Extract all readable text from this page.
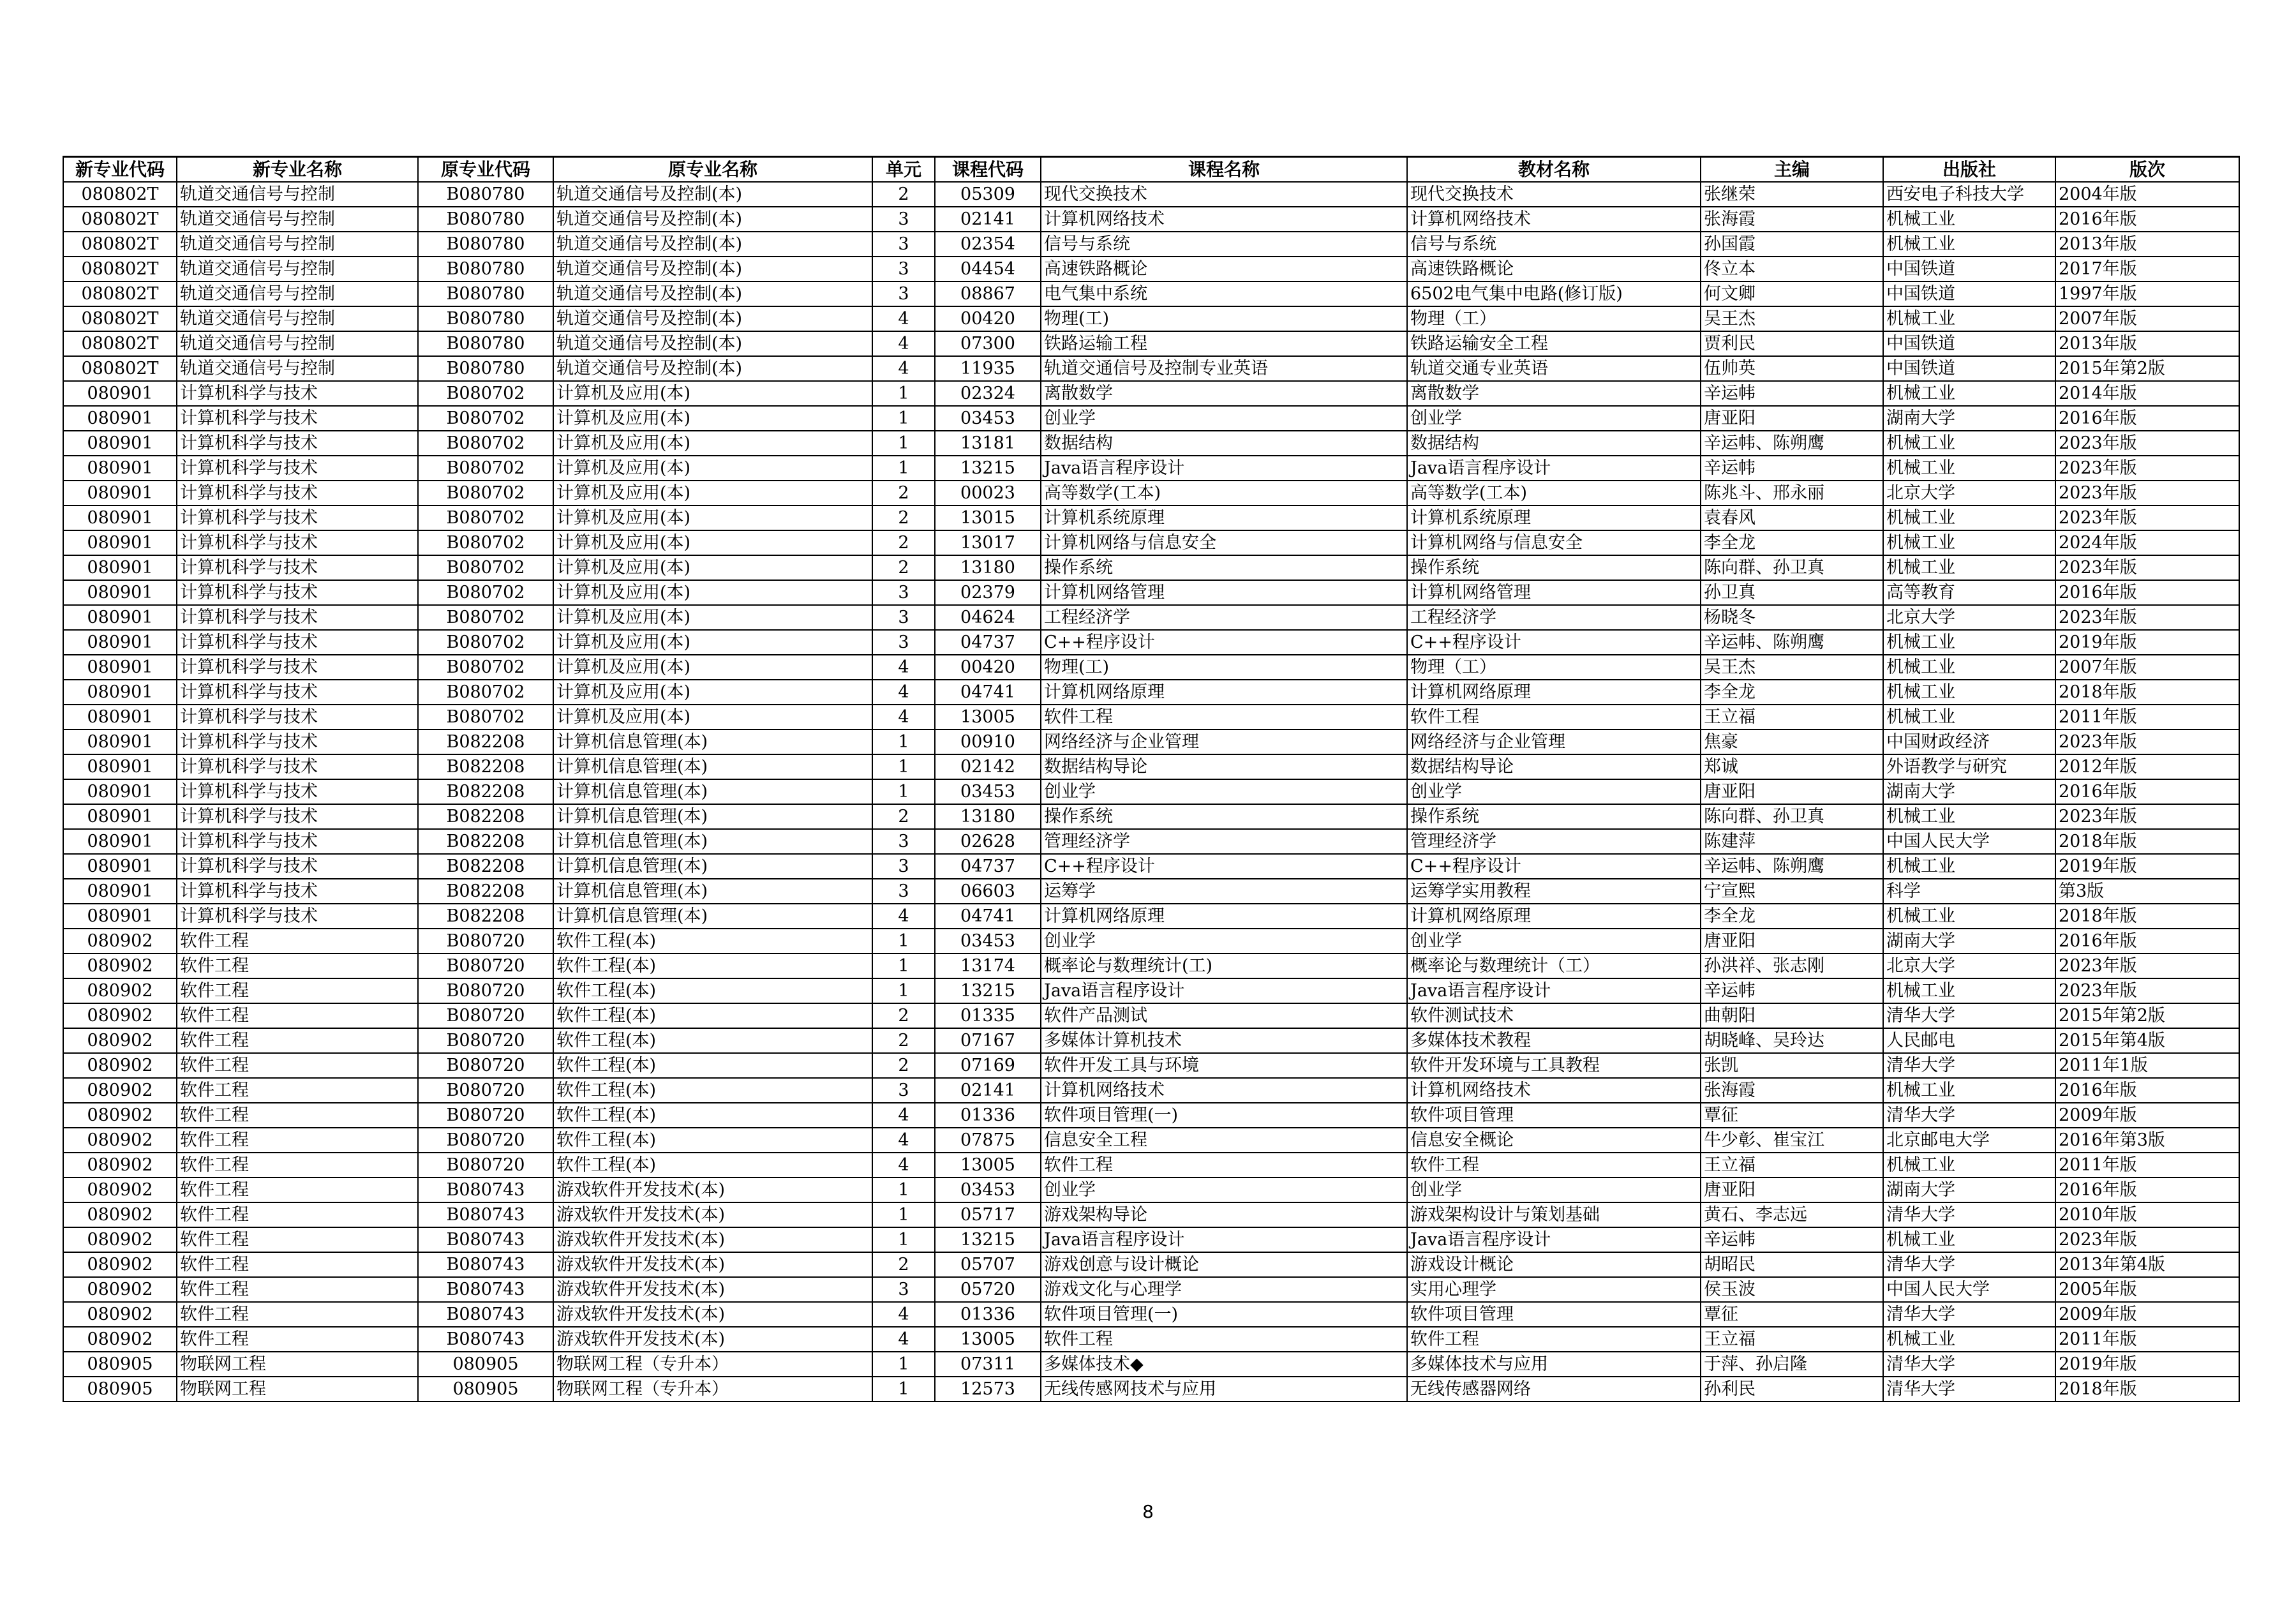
新专业代码	新专业名称	原专业代码	原专业名称	单元	课程代码	课程名称	教材名称	主编	出版社	版次
080802T	轨道交通信号与控制	B080780	轨道交通信号及控制(本)	2	05309	现代交换技术	现代交换技术	张继荣	西安电子科技大学	2004年版
080802T	轨道交通信号与控制	B080780	轨道交通信号及控制(本)	3	02141	计算机网络技术	计算机网络技术	张海霞	机械工业	2016年版
080802T	轨道交通信号与控制	B080780	轨道交通信号及控制(本)	3	02354	信号与系统	信号与系统	孙国霞	机械工业	2013年版
080802T	轨道交通信号与控制	B080780	轨道交通信号及控制(本)	3	04454	高速铁路概论	高速铁路概论	佟立本	中国铁道	2017年版
080802T	轨道交通信号与控制	B080780	轨道交通信号及控制(本)	3	08867	电气集中系统	6502电气集中电路(修订版)	何文卿	中国铁道	1997年版
080802T	轨道交通信号与控制	B080780	轨道交通信号及控制(本)	4	00420	物理(工)	物理（工）	吴王杰	机械工业	2007年版
080802T	轨道交通信号与控制	B080780	轨道交通信号及控制(本)	4	07300	铁路运输工程	铁路运输安全工程	贾利民	中国铁道	2013年版
080802T	轨道交通信号与控制	B080780	轨道交通信号及控制(本)	4	11935	轨道交通信号及控制专业英语	轨道交通专业英语	伍帅英	中国铁道	2015年第2版
080901	计算机科学与技术	B080702	计算机及应用(本)	1	02324	离散数学	离散数学	辛运帏	机械工业	2014年版
080901	计算机科学与技术	B080702	计算机及应用(本)	1	03453	创业学	创业学	唐亚阳	湖南大学	2016年版
080901	计算机科学与技术	B080702	计算机及应用(本)	1	13181	数据结构	数据结构	辛运帏、陈朔鹰	机械工业	2023年版
080901	计算机科学与技术	B080702	计算机及应用(本)	1	13215	Java语言程序设计	Java语言程序设计	辛运帏	机械工业	2023年版
080901	计算机科学与技术	B080702	计算机及应用(本)	2	00023	高等数学(工本)	高等数学(工本)	陈兆斗、邢永丽	北京大学	2023年版
080901	计算机科学与技术	B080702	计算机及应用(本)	2	13015	计算机系统原理	计算机系统原理	袁春风	机械工业	2023年版
080901	计算机科学与技术	B080702	计算机及应用(本)	2	13017	计算机网络与信息安全	计算机网络与信息安全	李全龙	机械工业	2024年版
080901	计算机科学与技术	B080702	计算机及应用(本)	2	13180	操作系统	操作系统	陈向群、孙卫真	机械工业	2023年版
080901	计算机科学与技术	B080702	计算机及应用(本)	3	02379	计算机网络管理	计算机网络管理	孙卫真	高等教育	2016年版
080901	计算机科学与技术	B080702	计算机及应用(本)	3	04624	工程经济学	工程经济学	杨晓冬	北京大学	2023年版
080901	计算机科学与技术	B080702	计算机及应用(本)	3	04737	C++程序设计	C++程序设计	辛运帏、陈朔鹰	机械工业	2019年版
080901	计算机科学与技术	B080702	计算机及应用(本)	4	00420	物理(工)	物理（工）	吴王杰	机械工业	2007年版
080901	计算机科学与技术	B080702	计算机及应用(本)	4	04741	计算机网络原理	计算机网络原理	李全龙	机械工业	2018年版
080901	计算机科学与技术	B080702	计算机及应用(本)	4	13005	软件工程	软件工程	王立福	机械工业	2011年版
080901	计算机科学与技术	B082208	计算机信息管理(本)	1	00910	网络经济与企业管理	网络经济与企业管理	焦豪	中国财政经济	2023年版
080901	计算机科学与技术	B082208	计算机信息管理(本)	1	02142	数据结构导论	数据结构导论	郑诚	外语教学与研究	2012年版
080901	计算机科学与技术	B082208	计算机信息管理(本)	1	03453	创业学	创业学	唐亚阳	湖南大学	2016年版
080901	计算机科学与技术	B082208	计算机信息管理(本)	2	13180	操作系统	操作系统	陈向群、孙卫真	机械工业	2023年版
080901	计算机科学与技术	B082208	计算机信息管理(本)	3	02628	管理经济学	管理经济学	陈建萍	中国人民大学	2018年版
080901	计算机科学与技术	B082208	计算机信息管理(本)	3	04737	C++程序设计	C++程序设计	辛运帏、陈朔鹰	机械工业	2019年版
080901	计算机科学与技术	B082208	计算机信息管理(本)	3	06603	运筹学	运筹学实用教程	宁宣熙	科学	第3版
080901	计算机科学与技术	B082208	计算机信息管理(本)	4	04741	计算机网络原理	计算机网络原理	李全龙	机械工业	2018年版
080902	软件工程	B080720	软件工程(本)	1	03453	创业学	创业学	唐亚阳	湖南大学	2016年版
080902	软件工程	B080720	软件工程(本)	1	13174	概率论与数理统计(工)	概率论与数理统计（工）	孙洪祥、张志刚	北京大学	2023年版
080902	软件工程	B080720	软件工程(本)	1	13215	Java语言程序设计	Java语言程序设计	辛运帏	机械工业	2023年版
080902	软件工程	B080720	软件工程(本)	2	01335	软件产品测试	软件测试技术	曲朝阳	清华大学	2015年第2版
080902	软件工程	B080720	软件工程(本)	2	07167	多媒体计算机技术	多媒体技术教程	胡晓峰、吴玲达	人民邮电	2015年第4版
080902	软件工程	B080720	软件工程(本)	2	07169	软件开发工具与环境	软件开发环境与工具教程	张凯	清华大学	2011年1版
080902	软件工程	B080720	软件工程(本)	3	02141	计算机网络技术	计算机网络技术	张海霞	机械工业	2016年版
080902	软件工程	B080720	软件工程(本)	4	01336	软件项目管理(一)	软件项目管理	覃征	清华大学	2009年版
080902	软件工程	B080720	软件工程(本)	4	07875	信息安全工程	信息安全概论	牛少彰、崔宝江	北京邮电大学	2016年第3版
080902	软件工程	B080720	软件工程(本)	4	13005	软件工程	软件工程	王立福	机械工业	2011年版
080902	软件工程	B080743	游戏软件开发技术(本)	1	03453	创业学	创业学	唐亚阳	湖南大学	2016年版
080902	软件工程	B080743	游戏软件开发技术(本)	1	05717	游戏架构导论	游戏架构设计与策划基础	黄石、李志远	清华大学	2010年版
080902	软件工程	B080743	游戏软件开发技术(本)	1	13215	Java语言程序设计	Java语言程序设计	辛运帏	机械工业	2023年版
080902	软件工程	B080743	游戏软件开发技术(本)	2	05707	游戏创意与设计概论	游戏设计概论	胡昭民	清华大学	2013年第4版
080902	软件工程	B080743	游戏软件开发技术(本)	3	05720	游戏文化与心理学	实用心理学	侯玉波	中国人民大学	2005年版
080902	软件工程	B080743	游戏软件开发技术(本)	4	01336	软件项目管理(一)	软件项目管理	覃征	清华大学	2009年版
080902	软件工程	B080743	游戏软件开发技术(本)	4	13005	软件工程	软件工程	王立福	机械工业	2011年版
080905	物联网工程	080905	物联网工程（专升本）	1	07311	多媒体技术◆	多媒体技术与应用	于萍、孙启隆	清华大学	2019年版
080905	物联网工程	080905	物联网工程（专升本）	1	12573	无线传感网技术与应用	无线传感器网络	孙利民	清华大学	2018年版
8
